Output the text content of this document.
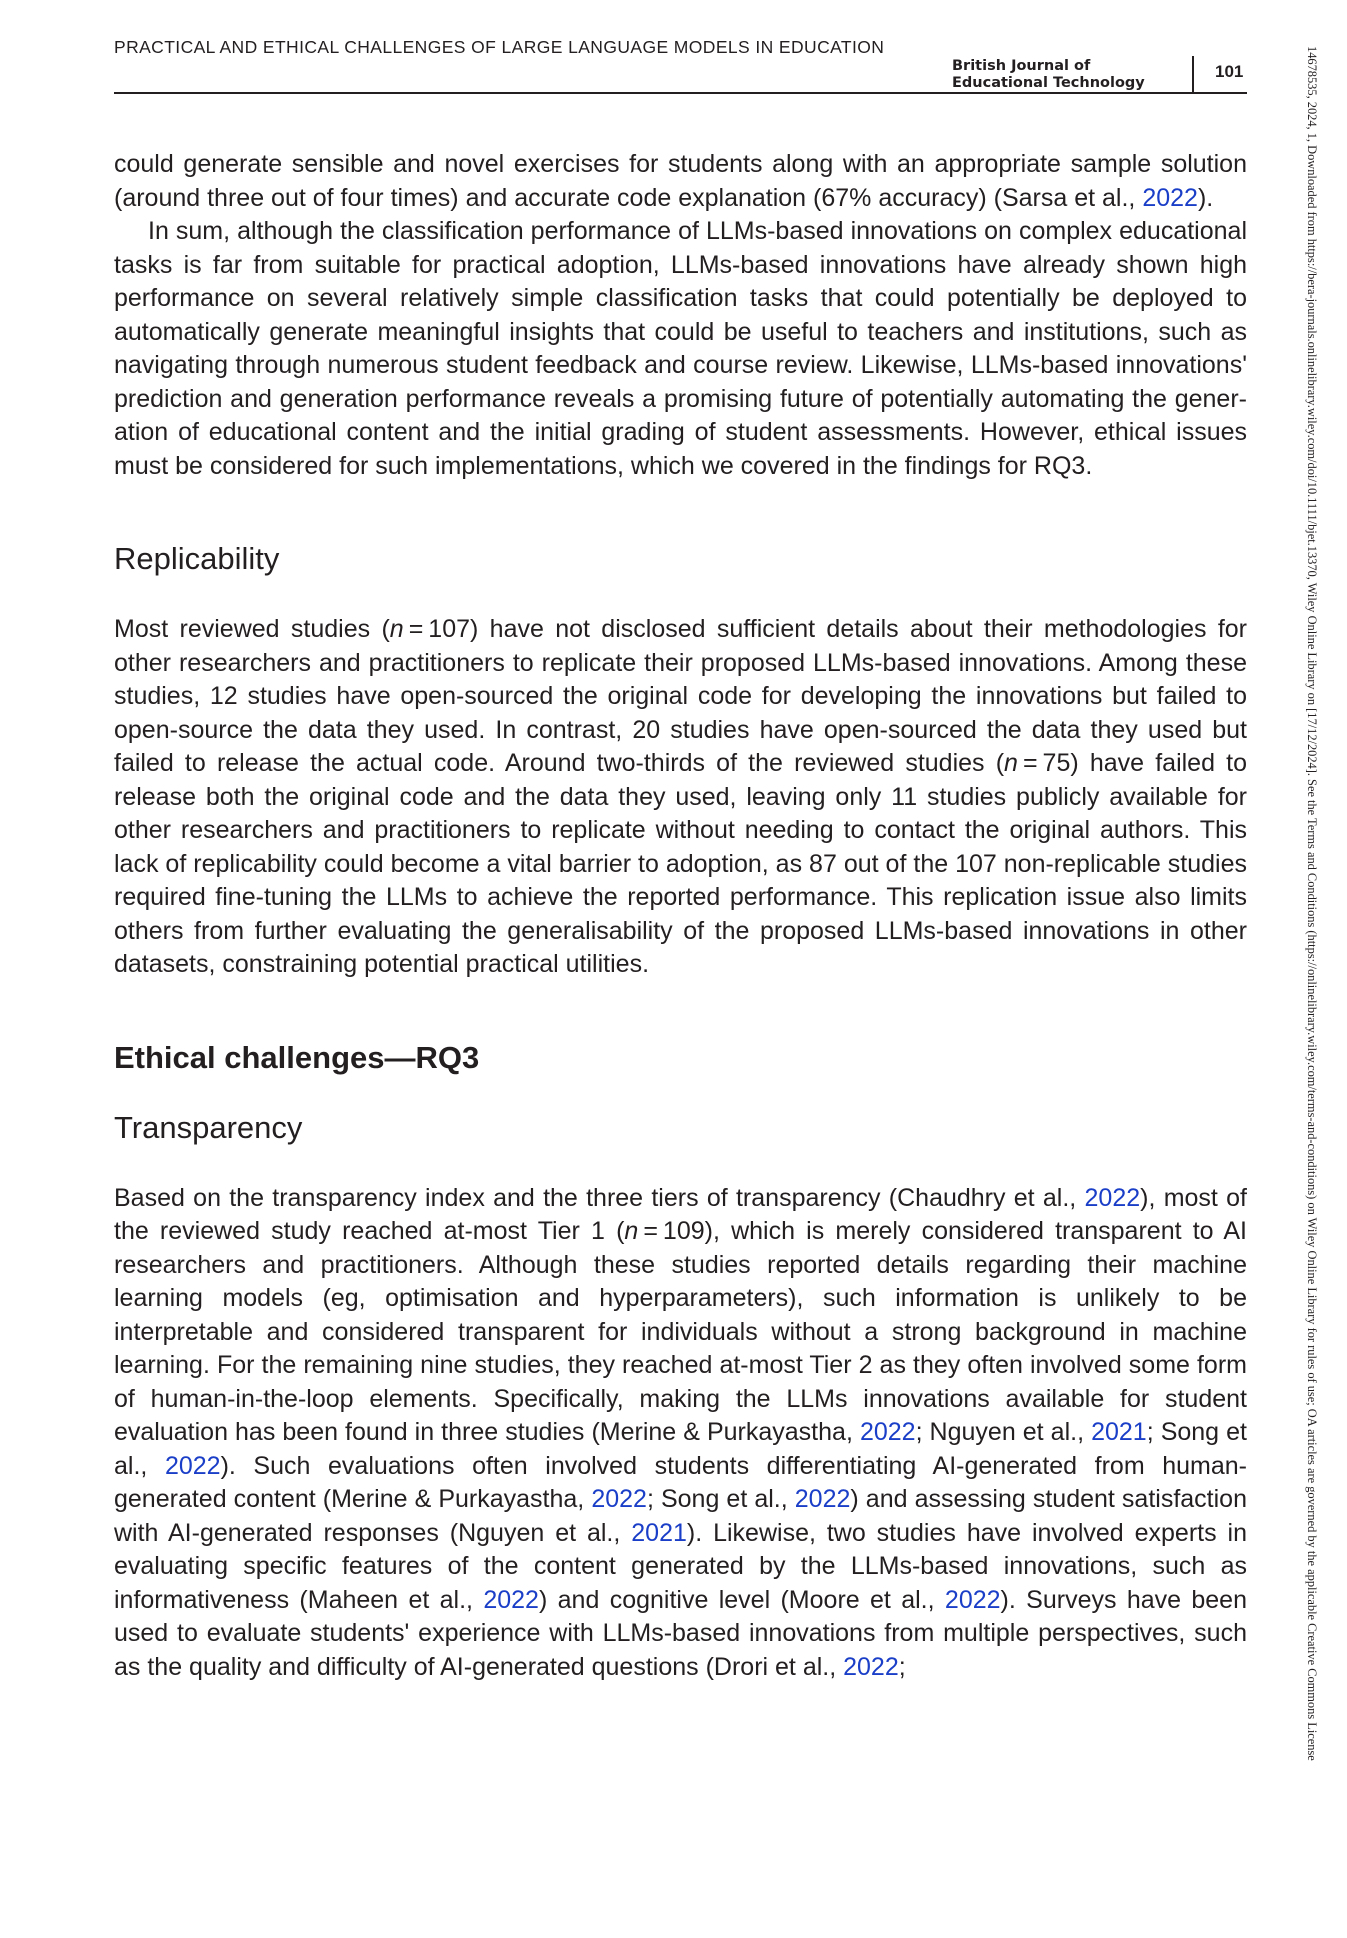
PRACTICAL AND ETHICAL CHALLENGES OF LARGE LANGUAGE MODELS IN EDUCATION
British Journal of
Educational Technology
101	14678535, 2024, 1, Downloaded from https://bera-journals.onlinelibrary.wiley.com/doi/10.1111/bjet.13370, Wiley Online Library on [17/12/2024]. See the Terms and Conditions (https://onlinelibrary.wiley.com/terms-and-conditions) on Wiley Online Library for rules of use; OA articles are governed by the applicable Creative Commons License

could generate sensible and novel exercises for students along with an appropriate sample solution (around three out of four times) and accurate code explanation (67% accuracy) (Sarsa et al., 2022).

In sum, although the classification performance of LLMs-based innovations on complex educational tasks is far from suitable for practical adoption, LLMs-based innovations have already shown high performance on several relatively simple classification tasks that could potentially be deployed to automatically generate meaningful insights that could be useful to teachers and institutions, such as navigating through numerous student feedback and course review. Likewise, LLMs-based innovations' prediction and generation performance reveals a promising future of potentially automating the generation of educational content and the initial grading of student assessments. However, ethical issues must be considered for such implementations, which we covered in the findings for RQ3.

Replicability

Most reviewed studies (n = 107) have not disclosed sufficient details about their methodologies for other researchers and practitioners to replicate their proposed LLMs-based innovations. Among these studies, 12 studies have open-sourced the original code for developing the innovations but failed to open-source the data they used. In contrast, 20 studies have open-sourced the data they used but failed to release the actual code. Around two-thirds of the reviewed studies (n = 75) have failed to release both the original code and the data they used, leaving only 11 studies publicly available for other researchers and practitioners to replicate without needing to contact the original authors. This lack of replicability could become a vital barrier to adoption, as 87 out of the 107 non-replicable studies required fine-tuning the LLMs to achieve the reported performance. This replication issue also limits others from further evaluating the generalisability of the proposed LLMs-based innovations in other datasets, constraining potential practical utilities.

Ethical challenges—RQ3
Transparency

Based on the transparency index and the three tiers of transparency (Chaudhry et al., 2022), most of the reviewed study reached at-most Tier 1 (n = 109), which is merely considered transparent to AI researchers and practitioners. Although these studies reported details regarding their machine learning models (eg, optimisation and hyperparameters), such information is unlikely to be interpretable and considered transparent for individuals without a strong background in machine learning. For the remaining nine studies, they reached at-most Tier 2 as they often involved some form of human-in-the-loop elements. Specifically, making the LLMs innovations available for student evaluation has been found in three studies (Merine & Purkayastha, 2022; Nguyen et al., 2021; Song et al., 2022). Such evaluations often involved students differentiating AI-generated from human-generated content (Merine & Purkayastha, 2022; Song et al., 2022) and assessing student satisfaction with AI-generated responses (Nguyen et al., 2021). Likewise, two studies have involved experts in evaluating specific features of the content generated by the LLMs-based innovations, such as informativeness (Maheen et al., 2022) and cognitive level (Moore et al., 2022). Surveys have been used to evaluate students' experience with LLMs-based innovations from multiple perspectives, such as the quality and difficulty of AI-generated questions (Drori et al., 2022;
